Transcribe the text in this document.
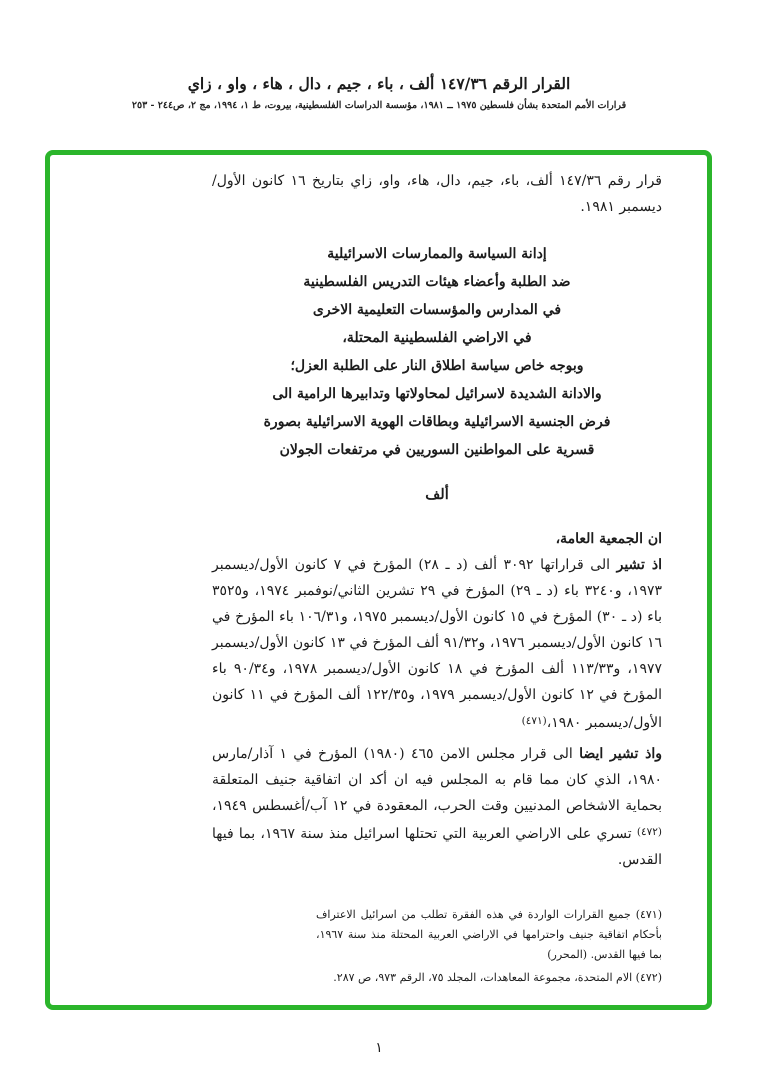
القرار الرقم ١٤٧/٣٦ ألف ، باء ، جيم ، دال ، هاء ، واو ، زاي
قرارات الأمم المتحدة بشأن فلسطين ١٩٧٥ ــ ١٩٨١، مؤسسة الدراسات الفلسطينية، بيروت، ط ١، ١٩٩٤، مج ٢، ص٢٤٤ - ٢٥٣

قرار رقم ١٤٧/٣٦ ألف، باء، جيم، دال، هاء، واو، زاي بتاريخ ١٦ كانون الأول/ديسمبر ١٩٨١.

إدانة السياسة والممارسات الاسرائيلية
ضد الطلبة وأعضاء هيئات التدريس الفلسطينية
في المدارس والمؤسسات التعليمية الاخرى
في الاراضي الفلسطينية المحتلة،
وبوجه خاص سياسة اطلاق النار على الطلبة العزل؛
والادانة الشديدة لاسرائيل لمحاولاتها وتدابيرها الرامية الى
فرض الجنسية الاسرائيلية وبطاقات الهوية الاسرائيلية بصورة
قسرية على المواطنين السوريين في مرتفعات الجولان
ألف

ان الجمعية العامة،

اذ تشير الى قراراتها ٣٠٩٢ ألف (د ـ ٢٨) المؤرخ في ٧ كانون الأول/ديسمبر ١٩٧٣، و٣٢٤٠ باء (د ـ ٢٩) المؤرخ في ٢٩ تشرين الثاني/نوفمبر ١٩٧٤، و٣٥٢٥ باء (د ـ ٣٠) المؤرخ في ١٥ كانون الأول/ديسمبر ١٩٧٥، و١٠٦/٣١ باء المؤرخ في ١٦ كانون الأول/ديسمبر ١٩٧٦، و٩١/٣٢ ألف المؤرخ في ١٣ كانون الأول/ديسمبر ١٩٧٧، و١١٣/٣٣ ألف المؤرخ في ١٨ كانون الأول/ديسمبر ١٩٧٨، و٩٠/٣٤ باء المؤرخ في ١٢ كانون الأول/ديسمبر ١٩٧٩، و١٢٢/٣٥ ألف المؤرخ في ١١ كانون الأول/ديسمبر ١٩٨٠،$^{(٤٧١)}$

واذ تشير ايضا الى قرار مجلس الامن ٤٦٥ (١٩٨٠) المؤرخ في ١ آذار/مارس ١٩٨٠، الذي كان مما قام به المجلس فيه ان أكد ان اتفاقية جنيف المتعلقة بحماية الاشخاص المدنيين وقت الحرب، المعقودة في ١٢ آب/أغسطس ١٩٤٩،$^{(٤٧٢)}$ تسري على الاراضي العربية التي تحتلها اسرائيل منذ سنة ١٩٦٧، بما فيها القدس.

(٤٧١) جميع القرارات الواردة في هذه الفقرة تطلب من اسرائيل الاعتراف بأحكام اتفاقية جنيف واحترامها في الاراضي العربية المحتلة منذ سنة ١٩٦٧، بما فيها القدس. (المحرر)

(٤٧٢) الام المتحدة، مجموعة المعاهدات، المجلد ٧٥، الرقم ٩٧٣، ص ٢٨٧.

١
